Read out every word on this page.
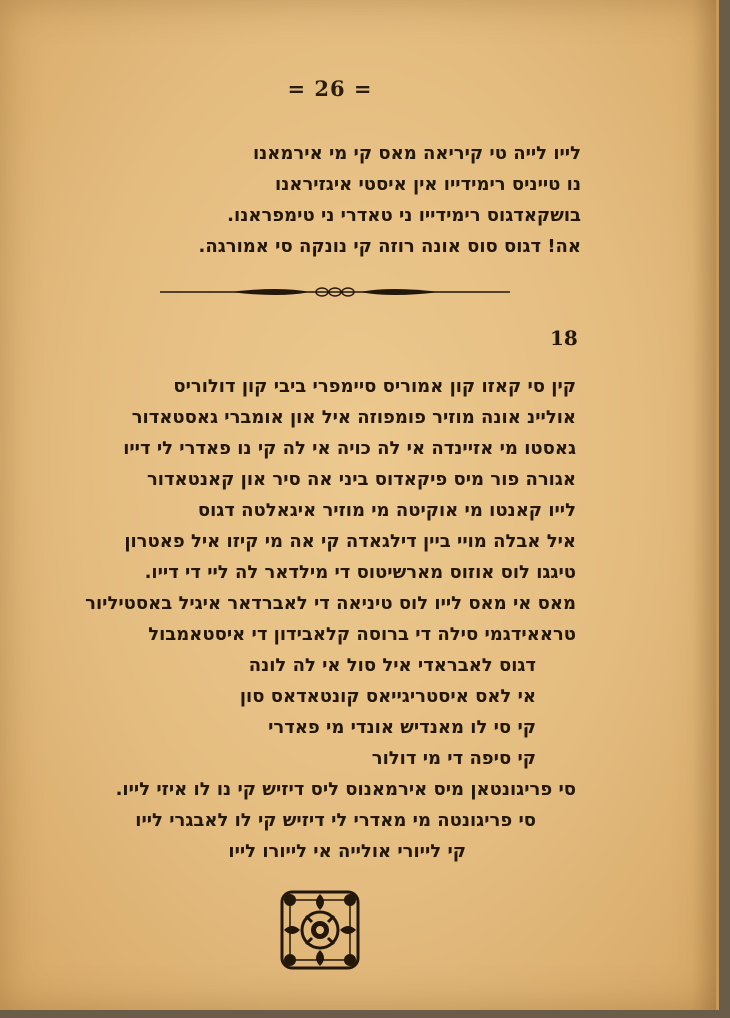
= 26 =
לייו לייה טי קיריאה מאס קי מי אירמאנו
נו טייניס רימידייו אין איסטי איגזיראנו
בושקאדגוס רימידייו ני טאדרי ני טימפראנו.
אה! דגוס סוס אונה רוזה קי נונקה סי אמורגה.
18
קין סי קאזו קון אמוריס סיימפרי ביבי קון דולוריס
אוליינ אונה מוזיר פומפוזה איל און אומברי גאסטאדור
גאסטו מי אזיינדה אי לה כויה אי לה קי נו פאדרי לי דייו
אגורה פור מיס פיקאדוס ביני אה סיר און קאנטאדור
לייו קאנטו מי אוקיטה מי מוזיר איגאלטה דגוס
איל אבלה מויי ביין דילגאדה קי אה מי קיזו איל פאטרון
טיגגו לוס אוזוס מארשיטוס די מילדאר לה ליי די דייו.
מאס אי מאס לייו לוס טיניאה די לאברדאר איגיל באסטיליור
טראאידגמי סילה די ברוסה קלאבידון די איסטאמבול
דגוס לאבראדי איל סול אי לה לונה
אי לאס איסטריגייאס קונטאדאס סון
קי סי לו מאנדיש אונדי מי פאדרי
קי סיפה די מי דולור
סי פריגונטאן מיס אירמאנוס ליס דיזיש קי נו לו איזי לייו.
סי פריגונטה מי מאדרי לי דיזיש קי לו לאבגרי לייו
קי לייורי אולייה אי לייורו לייו
